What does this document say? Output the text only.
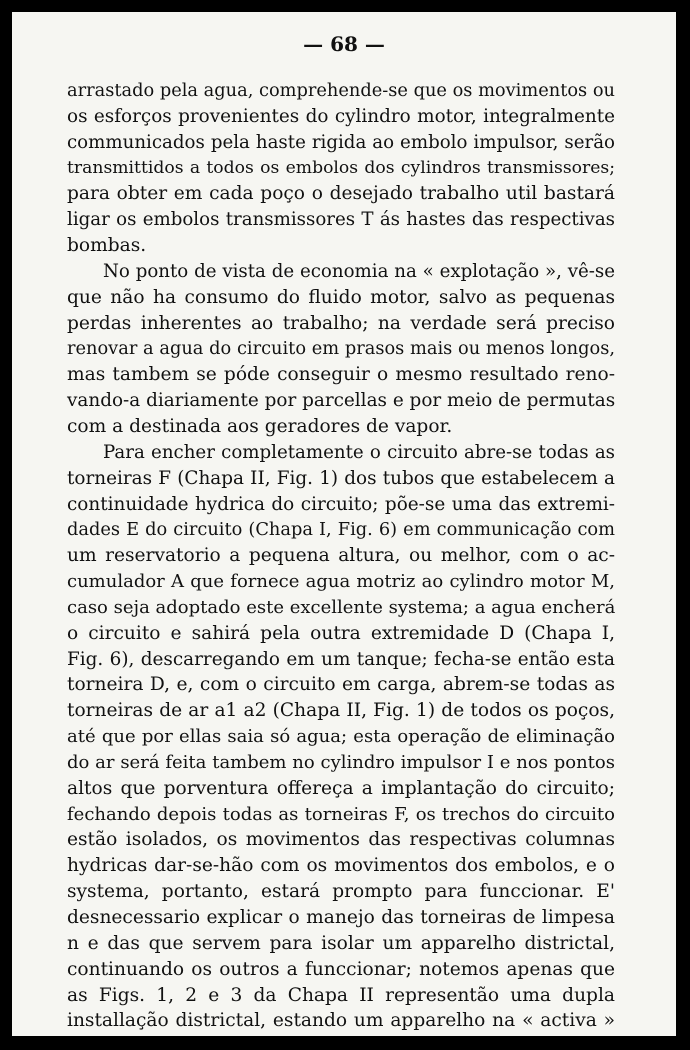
— 68 —
arrastado pela agua, comprehende-se que os movimentos ou
os esforços provenientes do cylindro motor, integralmente
communicados pela haste rigida ao embolo impulsor, serão
transmittidos a todos os embolos dos cylindros transmissores;
para obter em cada poço o desejado trabalho util bastará
ligar os embolos transmissores T ás hastes das respectivas
bombas.
No ponto de vista de economia na « explotação », vê-se
que não ha consumo do fluido motor, salvo as pequenas
perdas inherentes ao trabalho; na verdade será preciso
renovar a agua do circuito em prasos mais ou menos longos,
mas tambem se póde conseguir o mesmo resultado reno-
vando-a diariamente por parcellas e por meio de permutas
com a destinada aos geradores de vapor.
Para encher completamente o circuito abre-se todas as
torneiras F (Chapa II, Fig. 1) dos tubos que estabelecem a
continuidade hydrica do circuito; põe-se uma das extremi-
dades E do circuito (Chapa I, Fig. 6) em communicação com
um reservatorio a pequena altura, ou melhor, com o ac-
cumulador A que fornece agua motriz ao cylindro motor M,
caso seja adoptado este excellente systema; a agua encherá
o circuito e sahirá pela outra extremidade D (Chapa I,
Fig. 6), descarregando em um tanque; fecha-se então esta
torneira D, e, com o circuito em carga, abrem-se todas as
torneiras de ar a1 a2 (Chapa II, Fig. 1) de todos os poços,
até que por ellas saia só agua; esta operação de eliminação
do ar será feita tambem no cylindro impulsor I e nos pontos
altos que porventura offereça a implantação do circuito;
fechando depois todas as torneiras F, os trechos do circuito
estão isolados, os movimentos das respectivas columnas
hydricas dar-se-hão com os movimentos dos embolos, e o
systema, portanto, estará prompto para funccionar. E'
desnecessario explicar o manejo das torneiras de limpesa
n e das que servem para isolar um apparelho districtal,
continuando os outros a funccionar; notemos apenas que
as Figs. 1, 2 e 3 da Chapa II representão uma dupla
installação districtal, estando um apparelho na « activa »
